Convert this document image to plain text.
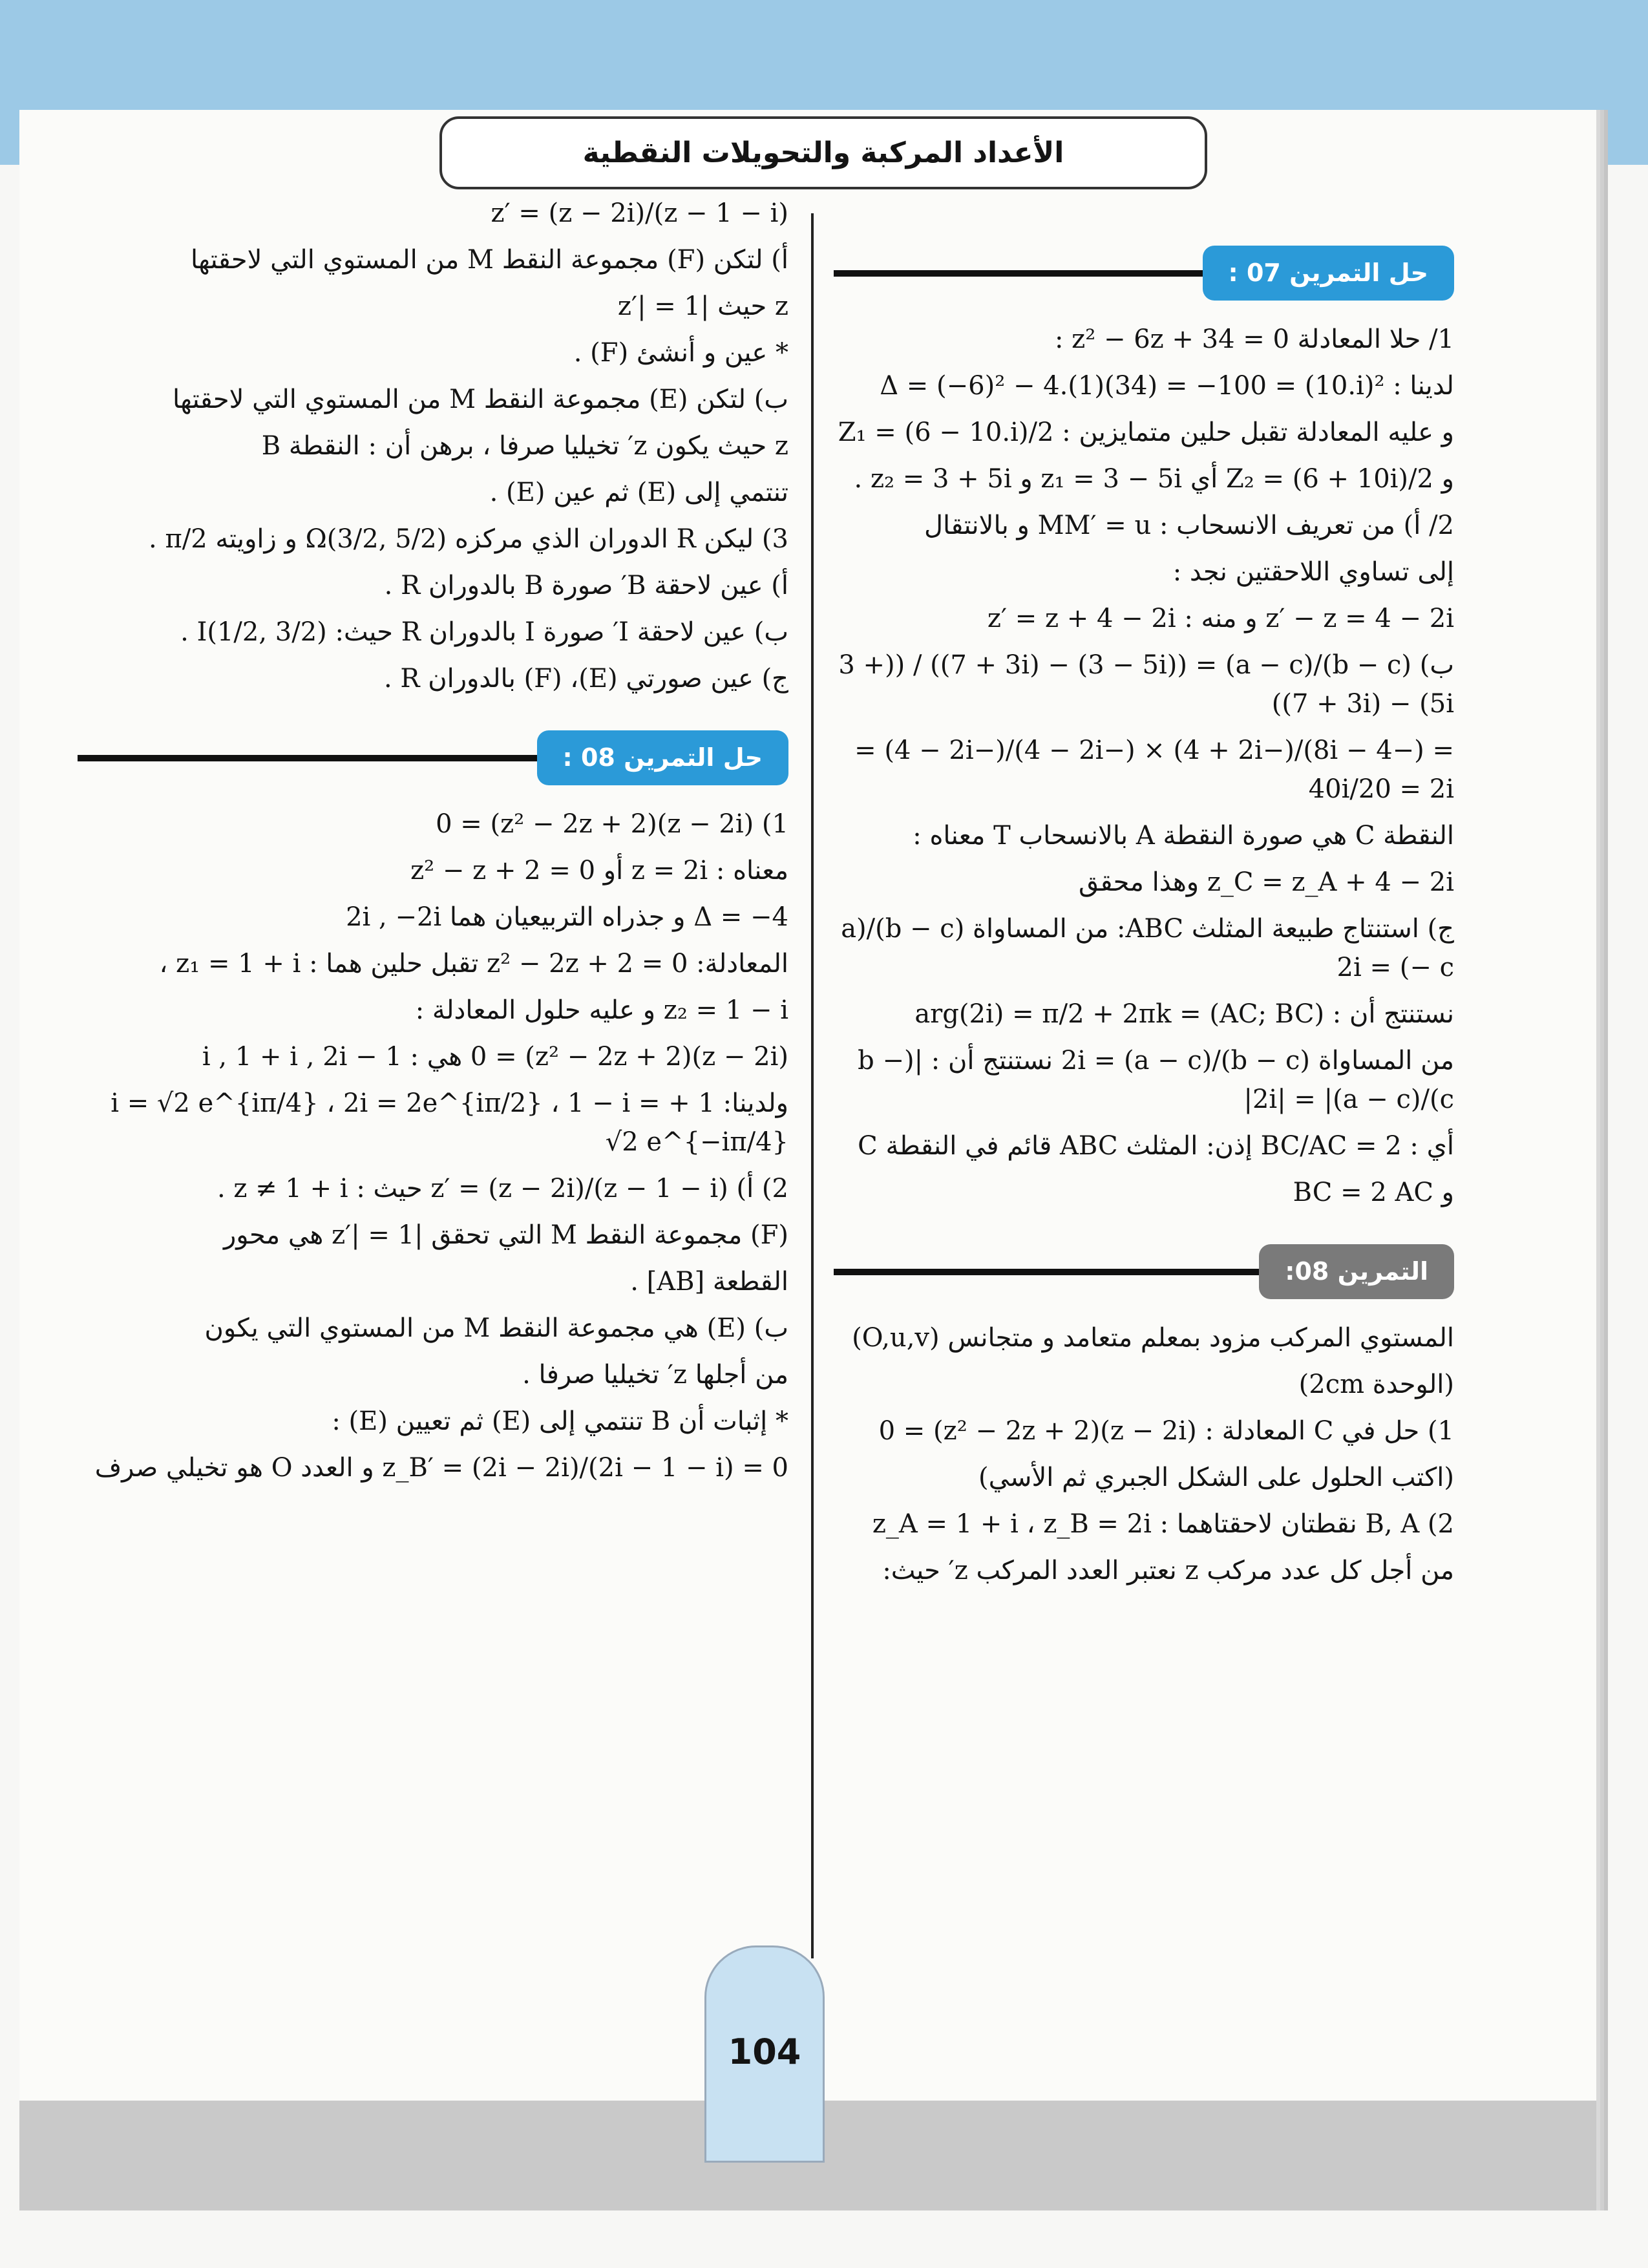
الأعداد المركبة والتحويلات النقطية
حل التمرين 07 :
1/ حلا المعادلة z² − 6z + 34 = 0 :
لدينا : Δ = (−6)² − 4.(1)(34) = −100 = (10.i)²
و عليه المعادلة تقبل حلين متمايزين : Z₁ = (6 − 10.i)/2
و Z₂ = (6 + 10i)/2 أي z₁ = 3 − 5i و z₂ = 3 + 5i .
2/ أ) من تعريف الانسحاب : MM′ = u و بالانتقال
إلى تساوي اللاحقتين نجد :
z′ − z = 4 − 2i و منه : z′ = z + 4 − 2i
ب) (b − c)/(a − c) = ((3 − 5i) − (7 + 3i)) / ((3 + 5i) − (7 + 3i))
= (−4 − 8i)/(−4 + 2i) × (−4 − 2i)/(−4 − 2i) = 40i/20 = 2i
النقطة C هي صورة النقطة A بالانسحاب T معناه :
z_C = z_A + 4 − 2i وهذا محقق
ج) استنتاج طبيعة المثلث ABC: من المساواة (b − c)/(a − c) = 2i
نستنتج أن : (AC; BC) = arg(2i) = π/2 + 2πk
من المساواة (b − c)/(a − c) = 2i نستنتج أن : |(b − c)/(a − c)| = |2i|
أي : BC/AC = 2 إذن: المثلث ABC قائم في النقطة C
و BC = 2 AC
التمرين 08:
المستوي المركب مزود بمعلم متعامد و متجانس (O,u,v)
(الوحدة 2cm)
1) حل في C المعادلة : (z − 2i)(z² − 2z + 2) = 0
(اكتب الحلول على الشكل الجبري ثم الأسي)
2) B, A نقطتان لاحقتاهما : z_A = 1 + i ، z_B = 2i
من أجل كل عدد مركب z نعتبر العدد المركب z′ حيث:
z′ = (z − 2i)/(z − 1 − i)
أ) لتكن (F) مجموعة النقط M من المستوي التي لاحقتها
z حيث |z′| = 1
* عين و أنشئ (F) .
ب) لتكن (E) مجموعة النقط M من المستوي التي لاحقتها
z حيث يكون z′ تخيليا صرفا ، برهن أن : النقطة B
تنتمي إلى (E) ثم عين (E) .
3) ليكن R الدوران الذي مركزه Ω(3/2, 5/2) و زاويته π/2 .
أ) عين لاحقة B′ صورة B بالدوران R .
ب) عين لاحقة I′ صورة I بالدوران R حيث: I(1/2, 3/2) .
ج) عين صورتي (E)، (F) بالدوران R .
حل التمرين 08 :
1) (z − 2i)(z² − 2z + 2) = 0
معناه : z = 2i أو z² − z + 2 = 0
Δ = −4 و جذراه التربيعيان هما 2i , −2i
المعادلة: z² − 2z + 2 = 0 تقبل حلين هما : z₁ = 1 + i ،
z₂ = 1 − i و عليه حلول المعادلة :
(z − 2i)(z² − 2z + 2) = 0 هي : 1 − i , 1 + i , 2i
ولدينا: 1 + i = √2 e^{iπ/4} ، 2i = 2e^{iπ/2} ، 1 − i = √2 e^{−iπ/4}
2) أ) z′ = (z − 2i)/(z − 1 − i) حيث : z ≠ 1 + i .
(F) مجموعة النقط M التي تحقق |z′| = 1 هي محور
القطعة [AB] .
ب) (E) هي مجموعة النقط M من المستوي التي يكون
من أجلها z′ تخيليا صرفا .
* إثبات أن B تنتمي إلى (E) ثم تعيين (E) :
z_B′ = (2i − 2i)/(2i − 1 − i) = 0 و العدد O هو تخيلي صرف
104
